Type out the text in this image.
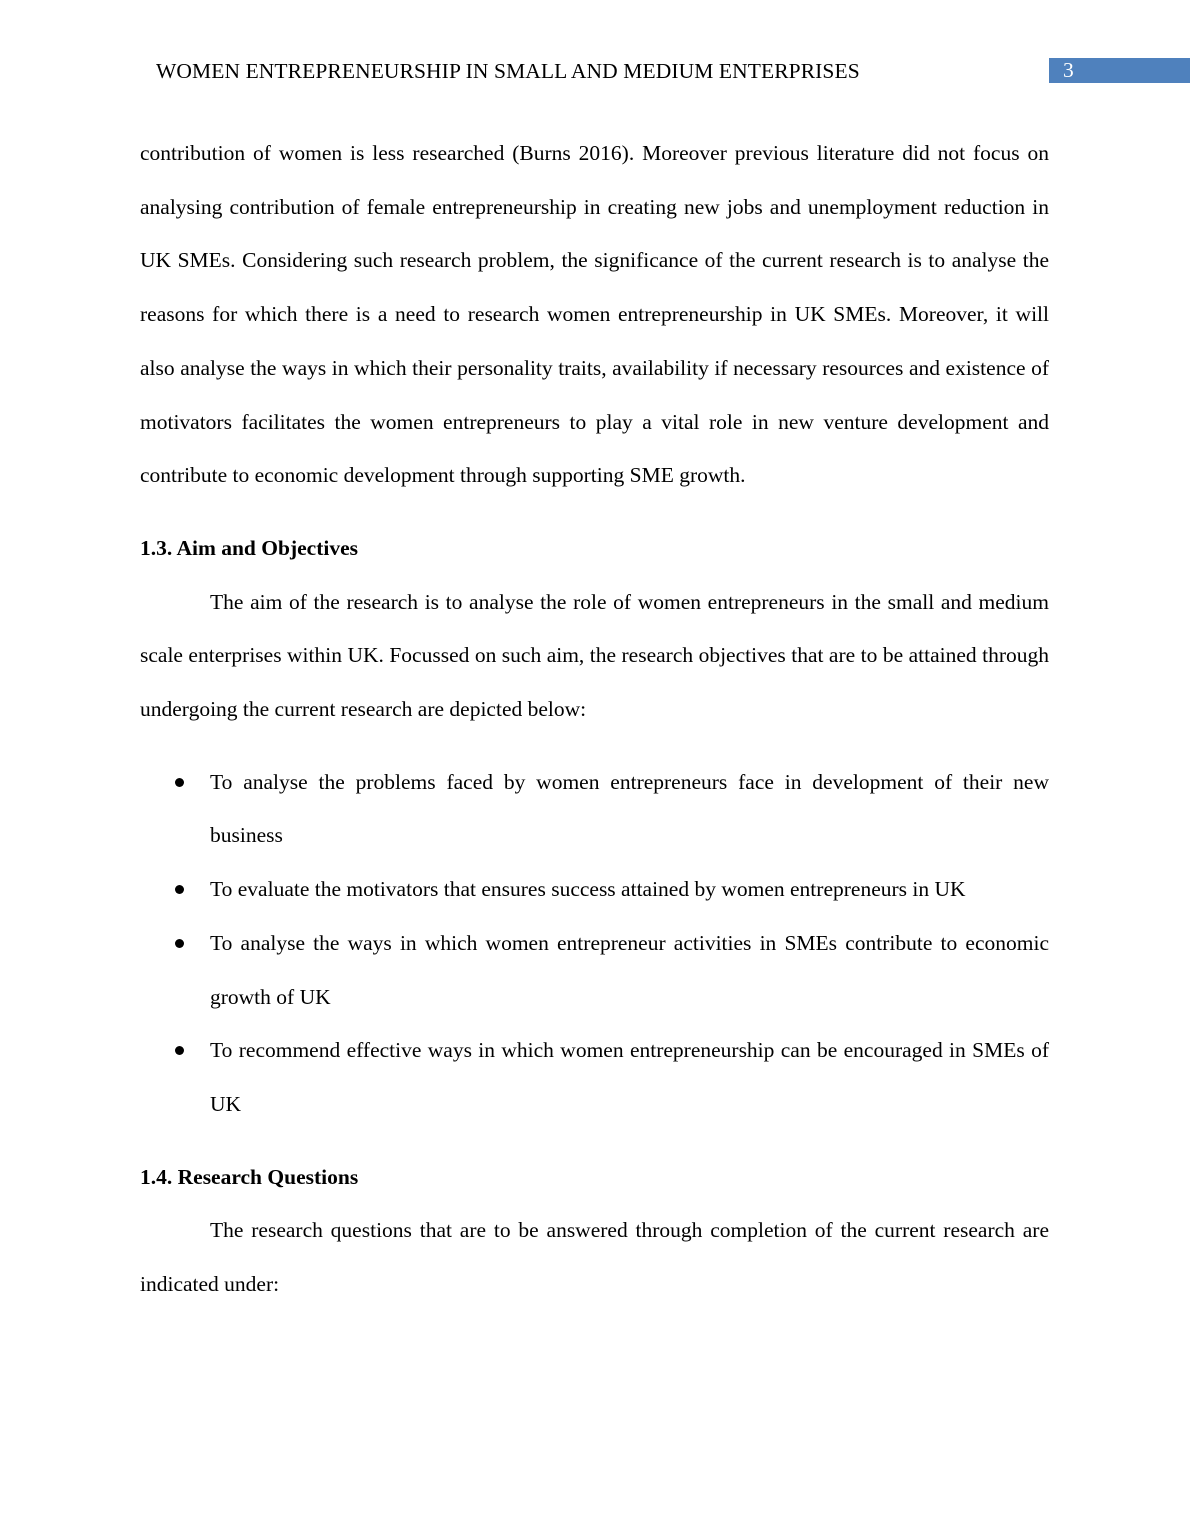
WOMEN ENTREPRENEURSHIP IN SMALL AND MEDIUM ENTERPRISES	3

contribution of women is less researched (Burns 2016). Moreover previous literature did not focus on analysing contribution of female entrepreneurship in creating new jobs and unemployment reduction in UK SMEs. Considering such research problem, the significance of the current research is to analyse the reasons for which there is a need to research women entrepreneurship in UK SMEs. Moreover, it will also analyse the ways in which their personality traits, availability if necessary resources and existence of motivators facilitates the women entrepreneurs to play a vital role in new venture development and contribute to economic development through supporting SME growth.

1.3. Aim and Objectives

The aim of the research is to analyse the role of women entrepreneurs in the small and medium scale enterprises within UK. Focussed on such aim, the research objectives that are to be attained through undergoing the current research are depicted below:

To analyse the problems faced by women entrepreneurs face in development of their new business
To evaluate the motivators that ensures success attained by women entrepreneurs in UK
To analyse the ways in which women entrepreneur activities in SMEs contribute to economic growth of UK
To recommend effective ways in which women entrepreneurship can be encouraged in SMEs of UK
1.4. Research Questions

The research questions that are to be answered through completion of the current research are indicated under:
